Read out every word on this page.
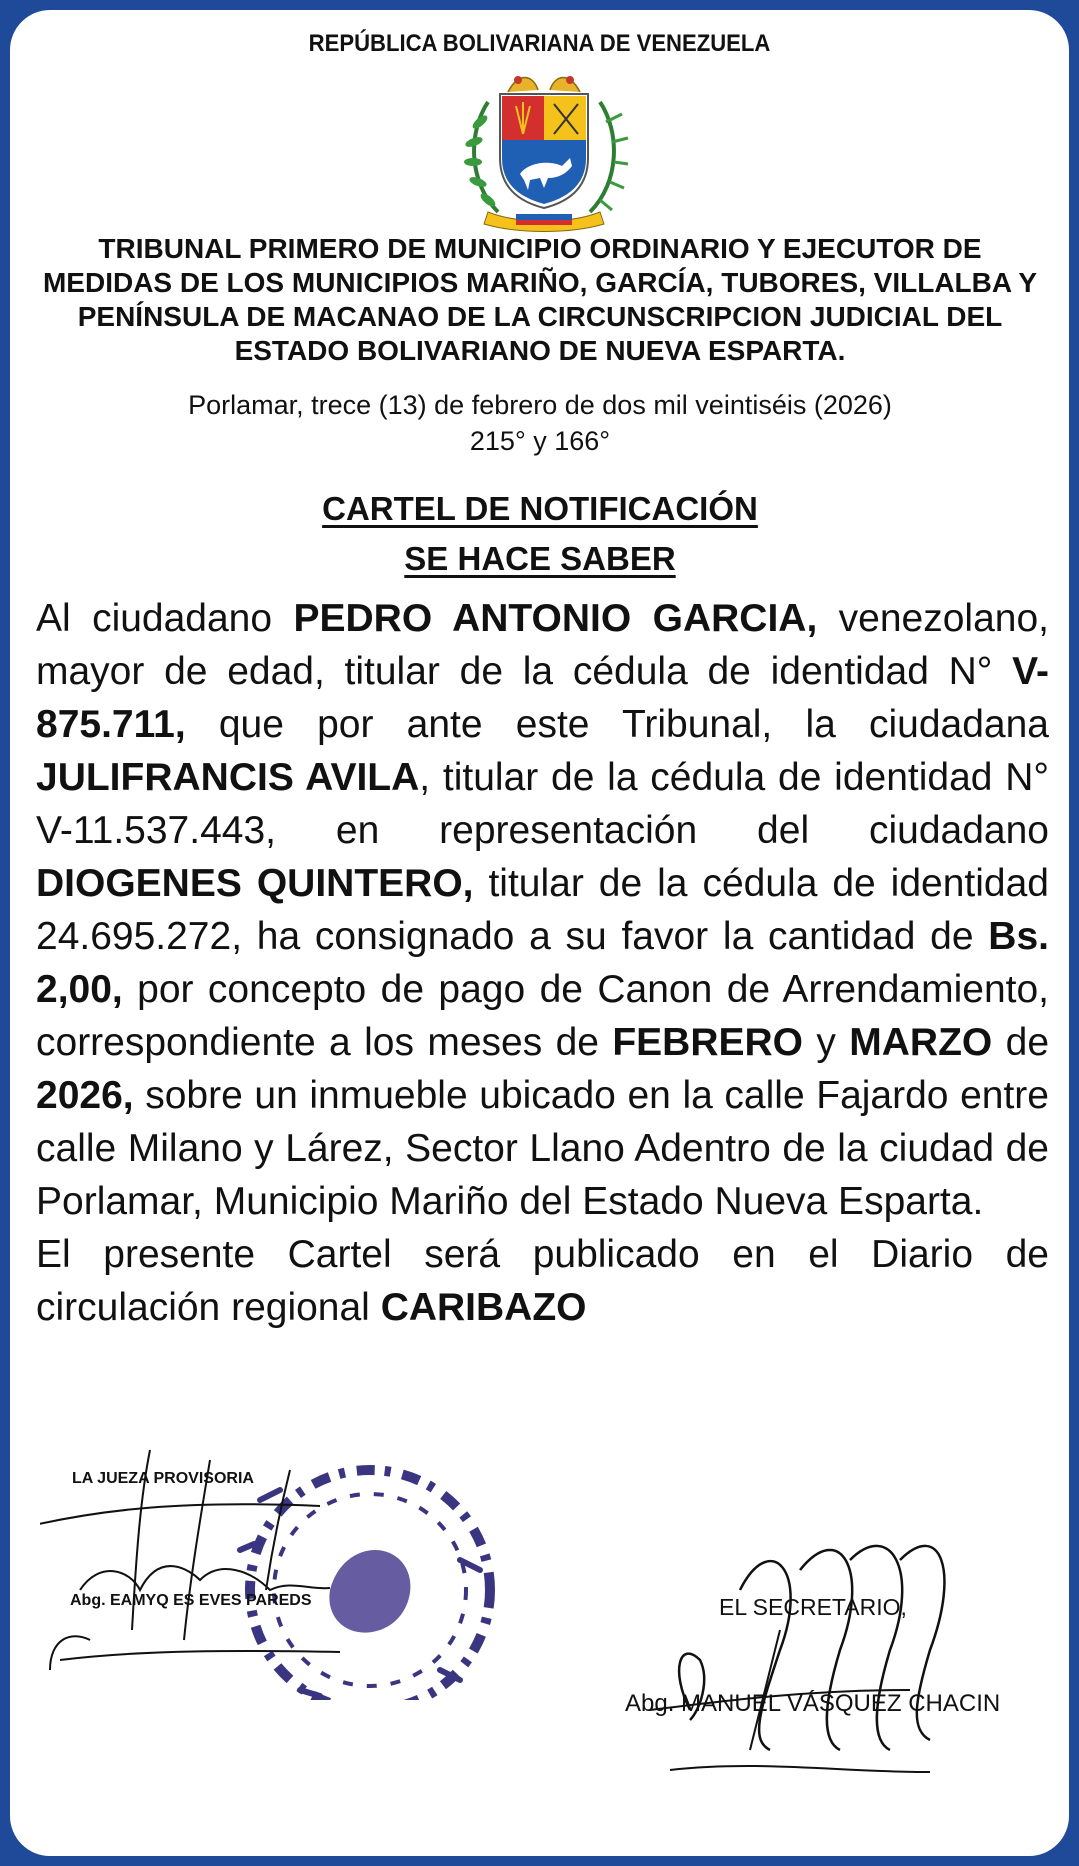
REPÚBLICA BOLIVARIANA DE VENEZUELA
TRIBUNAL PRIMERO DE MUNICIPIO ORDINARIO Y EJECUTOR DE MEDIDAS DE LOS MUNICIPIOS MARIÑO, GARCÍA, TUBORES, VILLALBA Y PENÍNSULA DE MACANAO DE LA CIRCUNSCRIPCION JUDICIAL DEL ESTADO BOLIVARIANO DE NUEVA ESPARTA.
Porlamar, trece (13) de febrero de dos mil veintiséis (2026)
215° y 166°
CARTEL DE NOTIFICACIÓN
SE HACE SABER
Al ciudadano PEDRO ANTONIO GARCIA, venezolano, mayor de edad, titular de la cédula de identidad N° V-875.711, que por ante este Tribunal, la ciudadana JULIFRANCIS AVILA, titular de la cédula de identidad N° V-11.537.443, en representación del ciudadano DIOGENES QUINTERO, titular de la cédula de identidad 24.695.272, ha consignado a su favor la cantidad de Bs. 2,00, por concepto de pago de Canon de Arrendamiento, correspondiente a los meses de FEBRERO y MARZO de 2026, sobre un inmueble ubicado en la calle Fajardo entre calle Milano y Lárez, Sector Llano Adentro de la ciudad de Porlamar, Municipio Mariño del Estado Nueva Esparta.
El presente Cartel será publicado en el Diario de circulación regional CARIBAZO
LA JUEZA PROVISORIA
Abg. EAMYQ ES EVES PAREDS	EL SECRETARIO,
Abg. MANUEL VÁSQUEZ CHACIN
